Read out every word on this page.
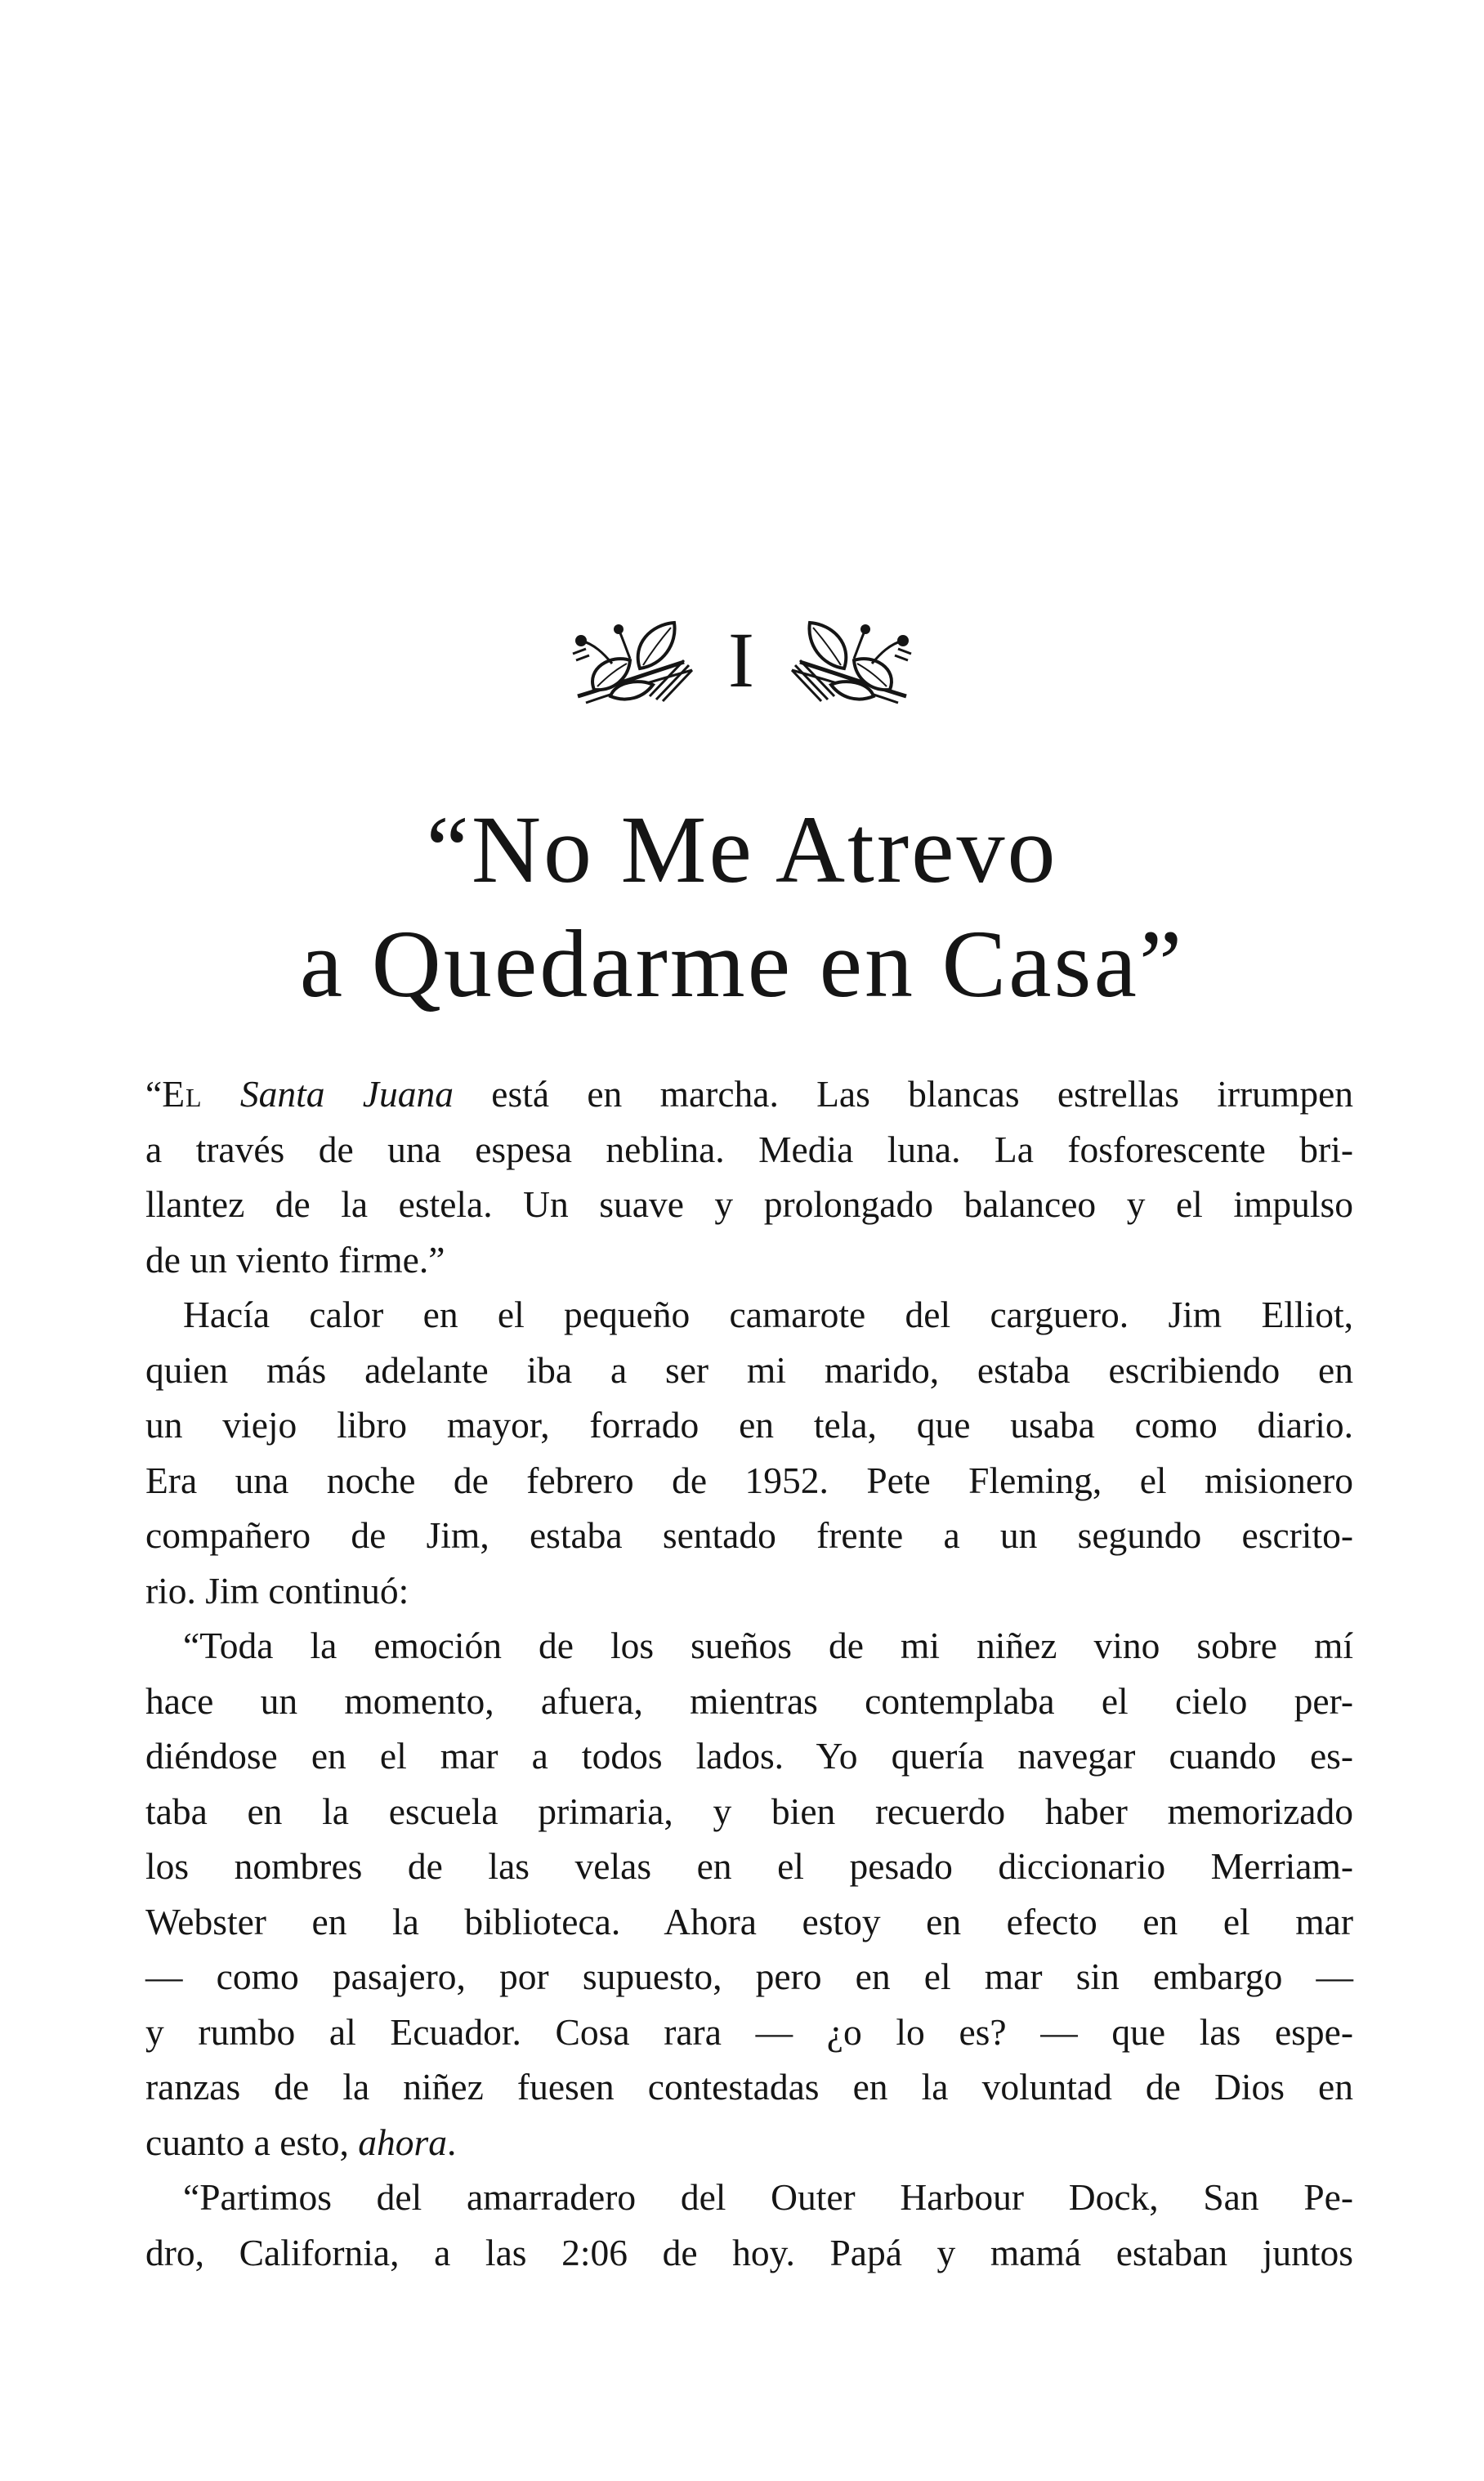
I
“No Me Atrevo
a Quedarme en Casa”

“El Santa Juana está en marcha. Las blancas estrellas irrumpen
a través de una espesa neblina. Media luna. La fosforescente bri-
llantez de la estela. Un suave y prolongado balanceo y el impulso
de un viento firme.”

Hacía calor en el pequeño camarote del carguero. Jim Elliot,
quien más adelante iba a ser mi marido, estaba escribiendo en
un viejo libro mayor, forrado en tela, que usaba como diario.
Era una noche de febrero de 1952. Pete Fleming, el misionero
compañero de Jim, estaba sentado frente a un segundo escrito-
rio. Jim continuó:

“Toda la emoción de los sueños de mi niñez vino sobre mí
hace un momento, afuera, mientras contemplaba el cielo per-
diéndose en el mar a todos lados. Yo quería navegar cuando es-
taba en la escuela primaria, y bien recuerdo haber memorizado
los nombres de las velas en el pesado diccionario Merriam-
Webster en la biblioteca. Ahora estoy en efecto en el mar
— como pasajero, por supuesto, pero en el mar sin embargo —
y rumbo al Ecuador. Cosa rara — ¿o lo es? — que las espe-
ranzas de la niñez fuesen contestadas en la voluntad de Dios en
cuanto a esto, ahora.

“Partimos del amarradero del Outer Harbour Dock, San Pe-
dro, California, a las 2:06 de hoy. Papá y mamá estaban juntos
